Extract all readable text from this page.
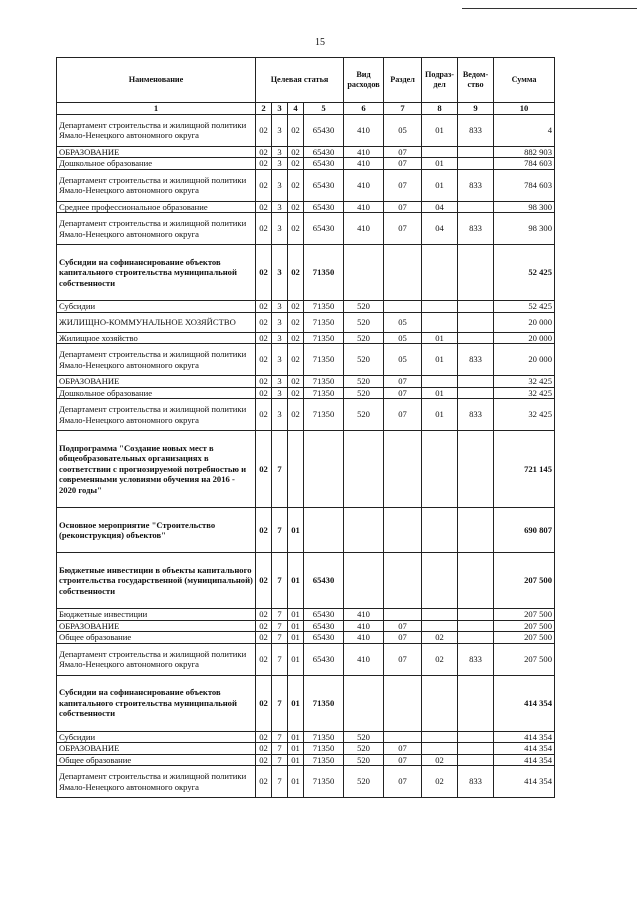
15
Наименование	Целевая статья				Вид расходов	Раздел	Подраз-дел	Ведом-ство	Сумма
1	2	3	4	5	6	7	8	9	10
Департамент строительства и жилищной политики Ямало-Ненецкого автономного округа	02	3	02	65430	410	05	01	833	4
ОБРАЗОВАНИЕ	02	3	02	65430	410	07			882 903
Дошкольное образование	02	3	02	65430	410	07	01		784 603
Департамент строительства и жилищной политики Ямало-Ненецкого автономного округа	02	3	02	65430	410	07	01	833	784 603
Среднее профессиональное образование	02	3	02	65430	410	07	04		98 300
Департамент строительства и жилищной политики Ямало-Ненецкого автономного округа	02	3	02	65430	410	07	04	833	98 300
Субсидии на софинансирование объектов капитального строительства муниципальной собственности	02	3	02	71350					52 425
Субсидии	02	3	02	71350	520				52 425
ЖИЛИЩНО-КОММУНАЛЬНОЕ ХОЗЯЙСТВО	02	3	02	71350	520	05			20 000
Жилищное хозяйство	02	3	02	71350	520	05	01		20 000
Департамент строительства и жилищной политики Ямало-Ненецкого автономного округа	02	3	02	71350	520	05	01	833	20 000
ОБРАЗОВАНИЕ	02	3	02	71350	520	07			32 425
Дошкольное образование	02	3	02	71350	520	07	01		32 425
Департамент строительства и жилищной политики Ямало-Ненецкого автономного округа	02	3	02	71350	520	07	01	833	32 425
Подпрограмма "Создание новых мест в общеобразовательных организациях в соответствии с прогнозируемой потребностью и современными условиями обучения на 2016 - 2020 годы"	02	7							721 145
Основное мероприятие "Строительство (реконструкция) объектов"	02	7	01						690 807
Бюджетные инвестиции в объекты капитального строительства государственной (муниципальной) собственности	02	7	01	65430					207 500
Бюджетные инвестиции	02	7	01	65430	410				207 500
ОБРАЗОВАНИЕ	02	7	01	65430	410	07			207 500
Общее образование	02	7	01	65430	410	07	02		207 500
Департамент строительства и жилищной политики Ямало-Ненецкого автономного округа	02	7	01	65430	410	07	02	833	207 500
Субсидии на софинансирование объектов капитального строительства муниципальной собственности	02	7	01	71350					414 354
Субсидии	02	7	01	71350	520				414 354
ОБРАЗОВАНИЕ	02	7	01	71350	520	07			414 354
Общее образование	02	7	01	71350	520	07	02		414 354
Департамент строительства и жилищной политики Ямало-Ненецкого автономного округа	02	7	01	71350	520	07	02	833	414 354
